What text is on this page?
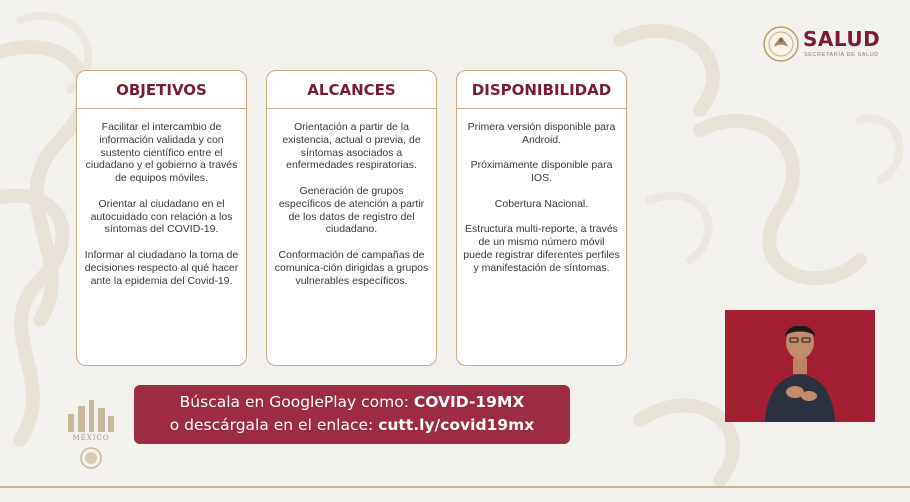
SALUD
SECRETARÍA DE SALUD
OBJETIVOS

Facilitar el intercambio de información validada y con sustento científico entre el ciudadano y el gobierno a través de equipos móviles.

Orientar al ciudadano en el autocuidado con relación a los síntomas del COVID-19.

Informar al ciudadano la toma de decisiones respecto al qué hacer ante la epidemia del Covid-19.

ALCANCES

Orientación a partir de la existencia, actual o previa, de síntomas asociados a enfermedades respiratorias.

Generación de grupos específicos de atención a partir de los datos de registro del ciudadano.

Conformación de campañas de comunica-ción dirigidas a grupos vulnerables específicos.

DISPONIBILIDAD

Primera versión disponible para Android.

Próximamente disponible para IOS.

Cobertura Nacional.

Estructura multi-reporte, a través de un mismo número móvil puede registrar diferentes perfiles y manifestación de síntomas.

MÉXICO
Búscala en GooglePlay como: COVID-19MX
o descárgala en el enlace: cutt.ly/covid19mx
